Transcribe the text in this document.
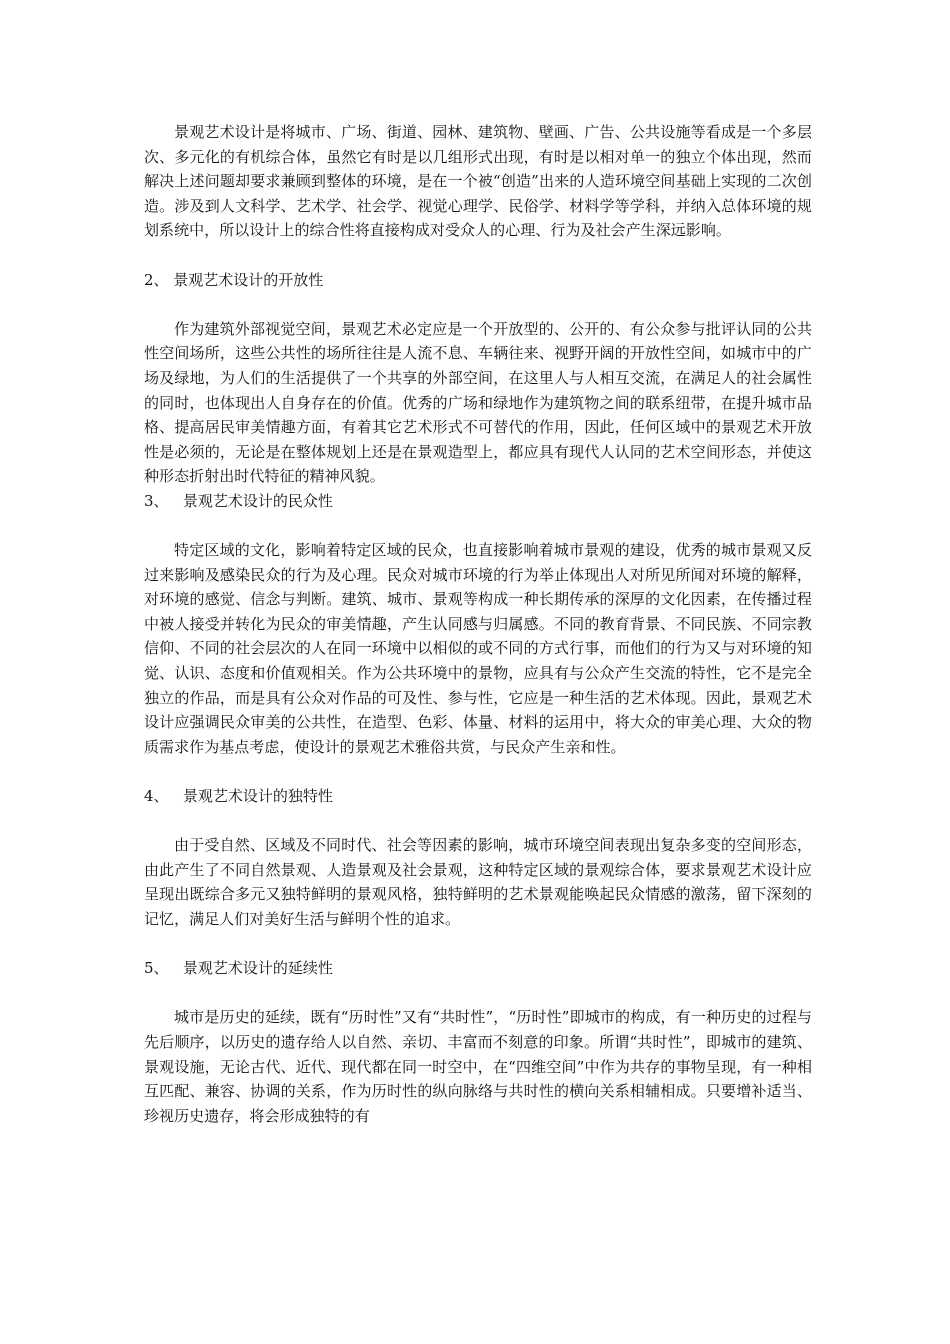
景观艺术设计是将城市、广场、街道、园林、建筑物、壁画、广告、公共设施等看成是一个多层次、多元化的有机综合体，虽然它有时是以几组形式出现，有时是以相对单一的独立个体出现，然而解决上述问题却要求兼顾到整体的环境，是在一个被“创造”出来的人造环境空间基础上实现的二次创造。涉及到人文科学、艺术学、社会学、视觉心理学、民俗学、材料学等学科，并纳入总体环境的规划系统中，所以设计上的综合性将直接构成对受众人的心理、行为及社会产生深远影响。

2、 景观艺术设计的开放性

作为建筑外部视觉空间，景观艺术必定应是一个开放型的、公开的、有公众参与批评认同的公共性空间场所，这些公共性的场所往往是人流不息、车辆往来、视野开阔的开放性空间，如城市中的广场及绿地，为人们的生活提供了一个共享的外部空间，在这里人与人相互交流，在满足人的社会属性的同时，也体现出人自身存在的价值。优秀的广场和绿地作为建筑物之间的联系纽带，在提升城市品格、提高居民审美情趣方面，有着其它艺术形式不可替代的作用，因此，任何区域中的景观艺术开放性是必须的，无论是在整体规划上还是在景观造型上，都应具有现代人认同的艺术空间形态，并使这种形态折射出时代特征的精神风貌。

3、   景观艺术设计的民众性

特定区域的文化，影响着特定区域的民众，也直接影响着城市景观的建设，优秀的城市景观又反过来影响及感染民众的行为及心理。民众对城市环境的行为举止体现出人对所见所闻对环境的解释，对环境的感觉、信念与判断。建筑、城市、景观等构成一种长期传承的深厚的文化因素，在传播过程中被人接受并转化为民众的审美情趣，产生认同感与归属感。不同的教育背景、不同民族、不同宗教信仰、不同的社会层次的人在同一环境中以相似的或不同的方式行事，而他们的行为又与对环境的知觉、认识、态度和价值观相关。作为公共环境中的景物，应具有与公众产生交流的特性，它不是完全独立的作品，而是具有公众对作品的可及性、参与性，它应是一种生活的艺术体现。因此，景观艺术设计应强调民众审美的公共性，在造型、色彩、体量、材料的运用中，将大众的审美心理、大众的物质需求作为基点考虑，使设计的景观艺术雅俗共赏，与民众产生亲和性。

4、   景观艺术设计的独特性

由于受自然、区域及不同时代、社会等因素的影响，城市环境空间表现出复杂多变的空间形态，由此产生了不同自然景观、人造景观及社会景观，这种特定区域的景观综合体，要求景观艺术设计应呈现出既综合多元又独特鲜明的景观风格，独特鲜明的艺术景观能唤起民众情感的激荡，留下深刻的记忆，满足人们对美好生活与鲜明个性的追求。

5、   景观艺术设计的延续性

城市是历史的延续，既有“历时性”又有“共时性”，“历时性”即城市的构成，有一种历史的过程与先后顺序，以历史的遗存给人以自然、亲切、丰富而不刻意的印象。所谓“共时性”，即城市的建筑、景观设施，无论古代、近代、现代都在同一时空中，在“四维空间”中作为共存的事物呈现，有一种相互匹配、兼容、协调的关系，作为历时性的纵向脉络与共时性的横向关系相辅相成。只要增补适当、珍视历史遗存，将会形成独特的有
